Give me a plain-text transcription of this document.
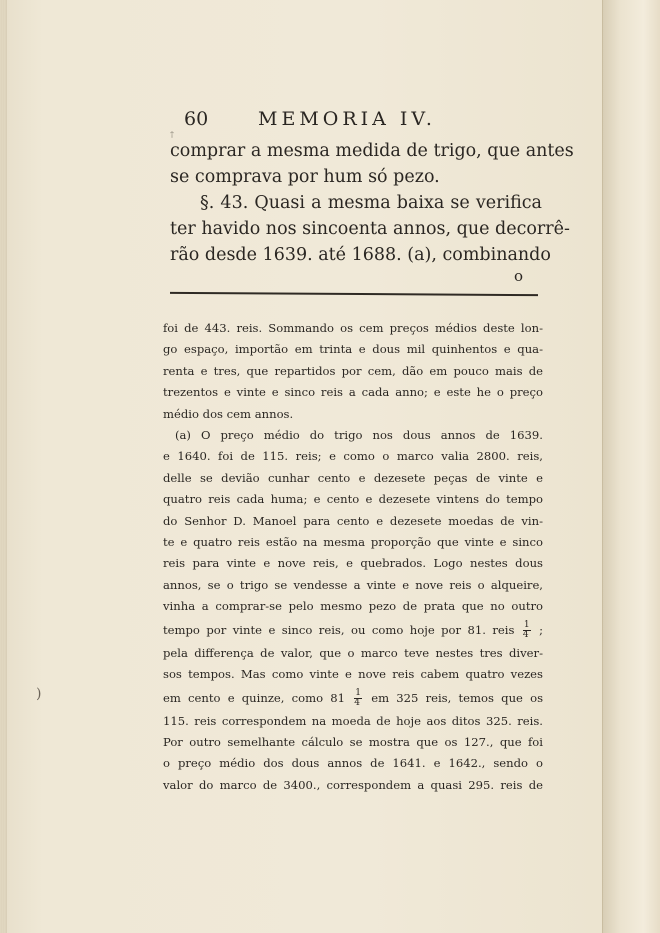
60	MEMORIA IV.
†
comprar a mesma medida de trigo, que antes
se comprava por hum só pezo.
§. 43. Quasi a mesma baixa se verifica
ter havido nos sincoenta annos, que decorrê-
rão desde 1639. até 1688. (a), combinando
o
foi de 443. reis. Sommando os cem preços médios deste lon-
go espaço, importão em trinta e dous mil quinhentos e qua-
renta e tres, que repartidos por cem, dão em pouco mais de
trezentos e vinte e sinco reis a cada anno; e este he o preço
médio dos cem annos.
(a) O preço médio do trigo nos dous annos de 1639.
e 1640. foi de 115. reis; e como o marco valia 2800. reis,
delle se devião cunhar cento e dezesete peças de vinte e
quatro reis cada huma; e cento e dezesete vintens do tempo
do Senhor D. Manoel para cento e dezesete moedas de vin-
te e quatro reis estão na mesma proporção que vinte e sinco
reis para vinte e nove reis, e quebrados. Logo nestes dous
annos, se o trigo se vendesse a vinte e nove reis o alqueire,
vinha a comprar-se pelo mesmo pezo de prata que no outro
tempo por vinte e sinco reis, ou como hoje por 81. reis $\frac{1}{4}$ ;
pela differença de valor, que o marco teve nestes tres diver-
sos tempos. Mas como vinte e nove reis cabem quatro vezes
em cento e quinze, como $81 \frac{1}{4}$ em 325 reis, temos que os
115. reis correspondem na moeda de hoje aos ditos 325. reis.
Por outro semelhante cálculo se mostra que os 127., que foi
o preço médio dos dous annos de 1641. e 1642., sendo o
valor do marco de 3400., correspondem a quasi 295. reis de
)
